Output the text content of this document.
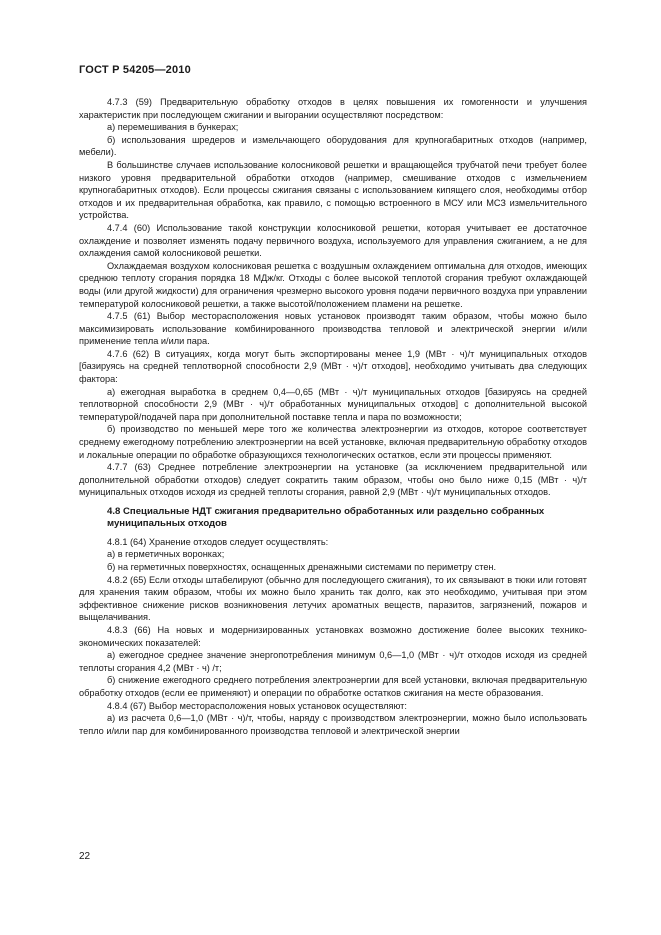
ГОСТ Р 54205—2010

4.7.3 (59) Предварительную обработку отходов в целях повышения их гомогенности и улучшения характеристик при последующем сжигании и выгорании осуществляют посредством:

а) перемешивания в бункерах;

б) использования шредеров и измельчающего оборудования для крупногабаритных отходов (например, мебели).

В большинстве случаев использование колосниковой решетки и вращающейся трубчатой печи требует более низкого уровня предварительной обработки отходов (например, смешивание отходов с измельчением крупногабаритных отходов). Если процессы сжигания связаны с использованием кипящего слоя, необходимы отбор отходов и их предварительная обработка, как правило, с помощью встроенного в МСУ или МСЗ измельчительного устройства.

4.7.4 (60) Использование такой конструкции колосниковой решетки, которая учитывает ее достаточное охлаждение и позволяет изменять подачу первичного воздуха, используемого для управления сжиганием, а не для охлаждения самой колосниковой решетки.

Охлаждаемая воздухом колосниковая решетка с воздушным охлаждением оптимальна для отходов, имеющих среднюю теплоту сгорания порядка 18 МДж/кг. Отходы с более высокой теплотой сгорания требуют охлаждающей воды (или другой жидкости) для ограничения чрезмерно высокого уровня подачи первичного воздуха при управлении температурой колосниковой решетки, а также высотой/положением пламени на решетке.

4.7.5 (61) Выбор месторасположения новых установок производят таким образом, чтобы можно было максимизировать использование комбинированного производства тепловой и электрической энергии и/или применение тепла и/или пара.

4.7.6 (62) В ситуациях, когда могут быть экспортированы менее 1,9 (МВт · ч)/т муниципальных отходов [базируясь на средней теплотворной способности 2,9 (МВт · ч)/т отходов], необходимо учитывать два следующих фактора:

а) ежегодная выработка в среднем 0,4—0,65 (МВт · ч)/т муниципальных отходов [базируясь на средней теплотворной способности 2,9 (МВт · ч)/т обработанных муниципальных отходов] с дополнительной высокой температурой/подачей пара при дополнительной поставке тепла и пара по возможности;

б) производство по меньшей мере того же количества электроэнергии из отходов, которое соответствует среднему ежегодному потреблению электроэнергии на всей установке, включая предварительную обработку отходов и локальные операции по обработке образующихся технологических остатков, если эти процессы применяют.

4.7.7 (63) Среднее потребление электроэнергии на установке (за исключением предварительной или дополнительной обработки отходов) следует сократить таким образом, чтобы оно было ниже 0,15 (МВт · ч)/т муниципальных отходов исходя из средней теплоты сгорания, равной 2,9 (МВт · ч)/т муниципальных отходов.

4.8 Специальные НДТ сжигания предварительно обработанных или раздельно собранных муниципальных отходов

4.8.1 (64) Хранение отходов следует осуществлять:

а) в герметичных воронках;

б) на герметичных поверхностях, оснащенных дренажными системами по периметру стен.

4.8.2 (65) Если отходы штабелируют (обычно для последующего сжигания), то их связывают в тюки или готовят для хранения таким образом, чтобы их можно было хранить так долго, как это необходимо, учитывая при этом эффективное снижение рисков возникновения летучих ароматных веществ, паразитов, загрязнений, пожаров и выщелачивания.

4.8.3 (66) На новых и модернизированных установках возможно достижение более высоких технико-экономических показателей:

а) ежегодное среднее значение энергопотребления минимум 0,6—1,0 (МВт · ч)/т отходов исходя из средней теплоты сгорания 4,2 (МВт · ч) /т;

б) снижение ежегодного среднего потребления электроэнергии для всей установки, включая предварительную обработку отходов (если ее применяют) и операции по обработке остатков сжигания на месте образования.

4.8.4 (67) Выбор месторасположения новых установок осуществляют:

а) из расчета 0,6—1,0 (МВт · ч)/т, чтобы, наряду с производством электроэнергии, можно было использовать тепло и/или пар для комбинированного производства тепловой и электрической энергии

22
